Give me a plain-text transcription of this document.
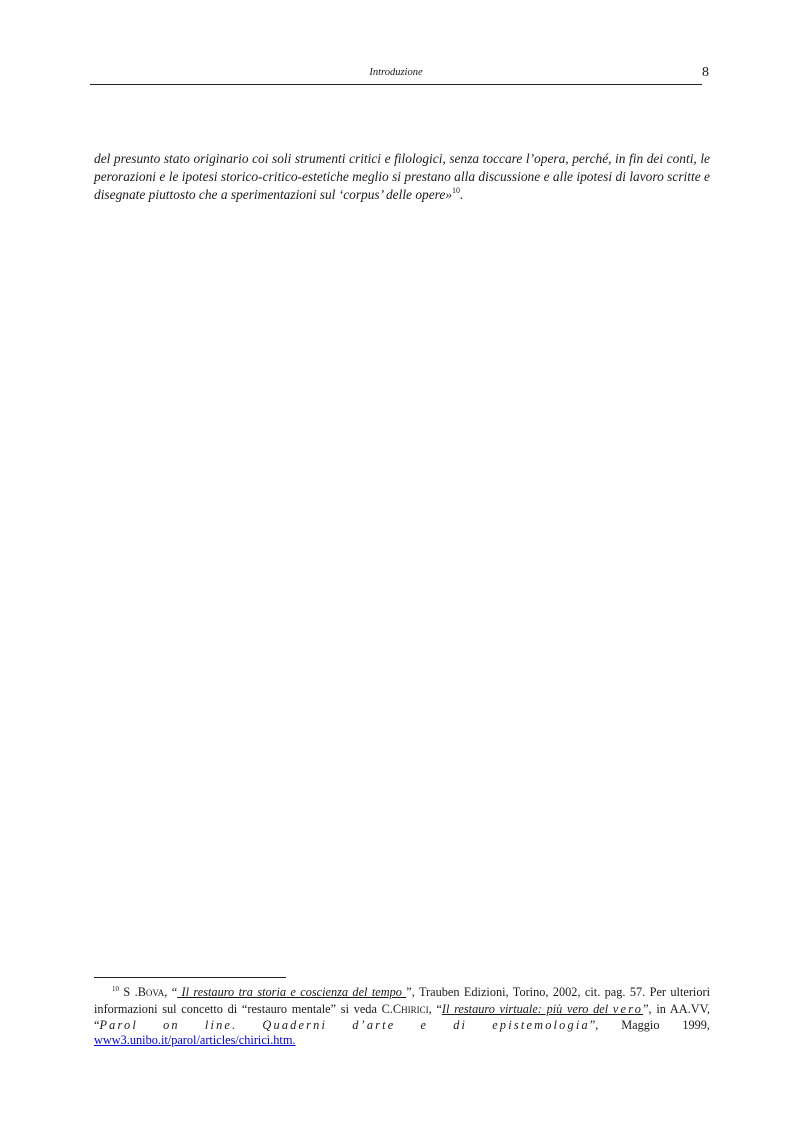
Introduzione	8

del presunto stato originario coi soli strumenti critici e filologici, senza toccare l’opera, perché, in fin dei conti, le perorazioni e le ipotesi storico-critico-estetiche meglio si prestano alla discussione e alle ipotesi di lavoro scritte e disegnate piuttosto che a sperimentazioni sul ‘corpus’ delle opere»$^{10}$.

$^{10}$ S .Bova, “ Il restauro tra storia e coscienza del tempo ”, Trauben Edizioni, Torino, 2002, cit. pag. 57. Per ulteriori informazioni sul concetto di “restauro mentale” si veda C.Chirici, “Il restauro virtuale: più vero del vero”, in AA.VV, “Parol on line. Quaderni d’arte e di epistemologia”, Maggio 1999, www3.unibo.it/parol/articles/chirici.htm.
